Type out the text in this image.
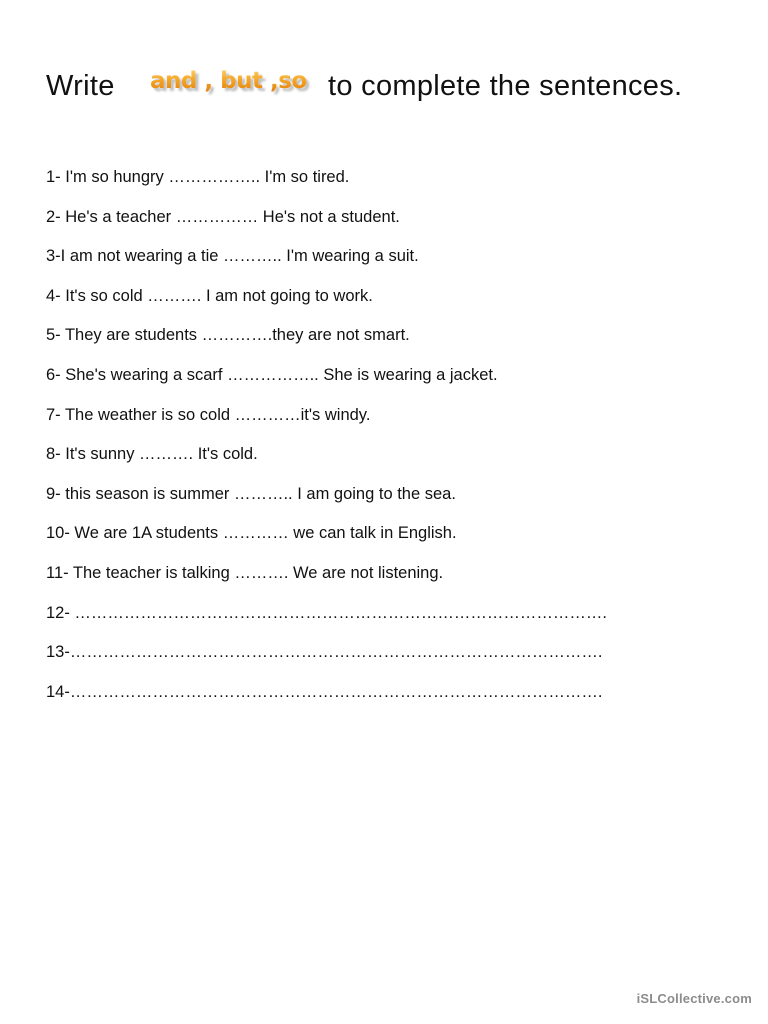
Write and , but ,so to complete the sentences.
1- I'm so hungry …………….. I'm so tired.
2- He's a teacher …………… He's not a student.
3-I am not wearing a tie ……….. I'm wearing a suit.
4- It's so cold ………. I am not going to work.
5- They are students ………….they are not smart.
6- She's wearing a scarf …………….. She is wearing a jacket.
7- The weather is so cold …………it's windy.
8- It's sunny ………. It's cold.
9- this season is summer ……….. I am going to the sea.
10- We are 1A students ………… we can talk in English.
11- The teacher is talking ………. We are not listening.
12- …………………………………………………………………………………….
13-…………………………………………………………………………………….
14-…………………………………………………………………………………….
iSLCollective.com
